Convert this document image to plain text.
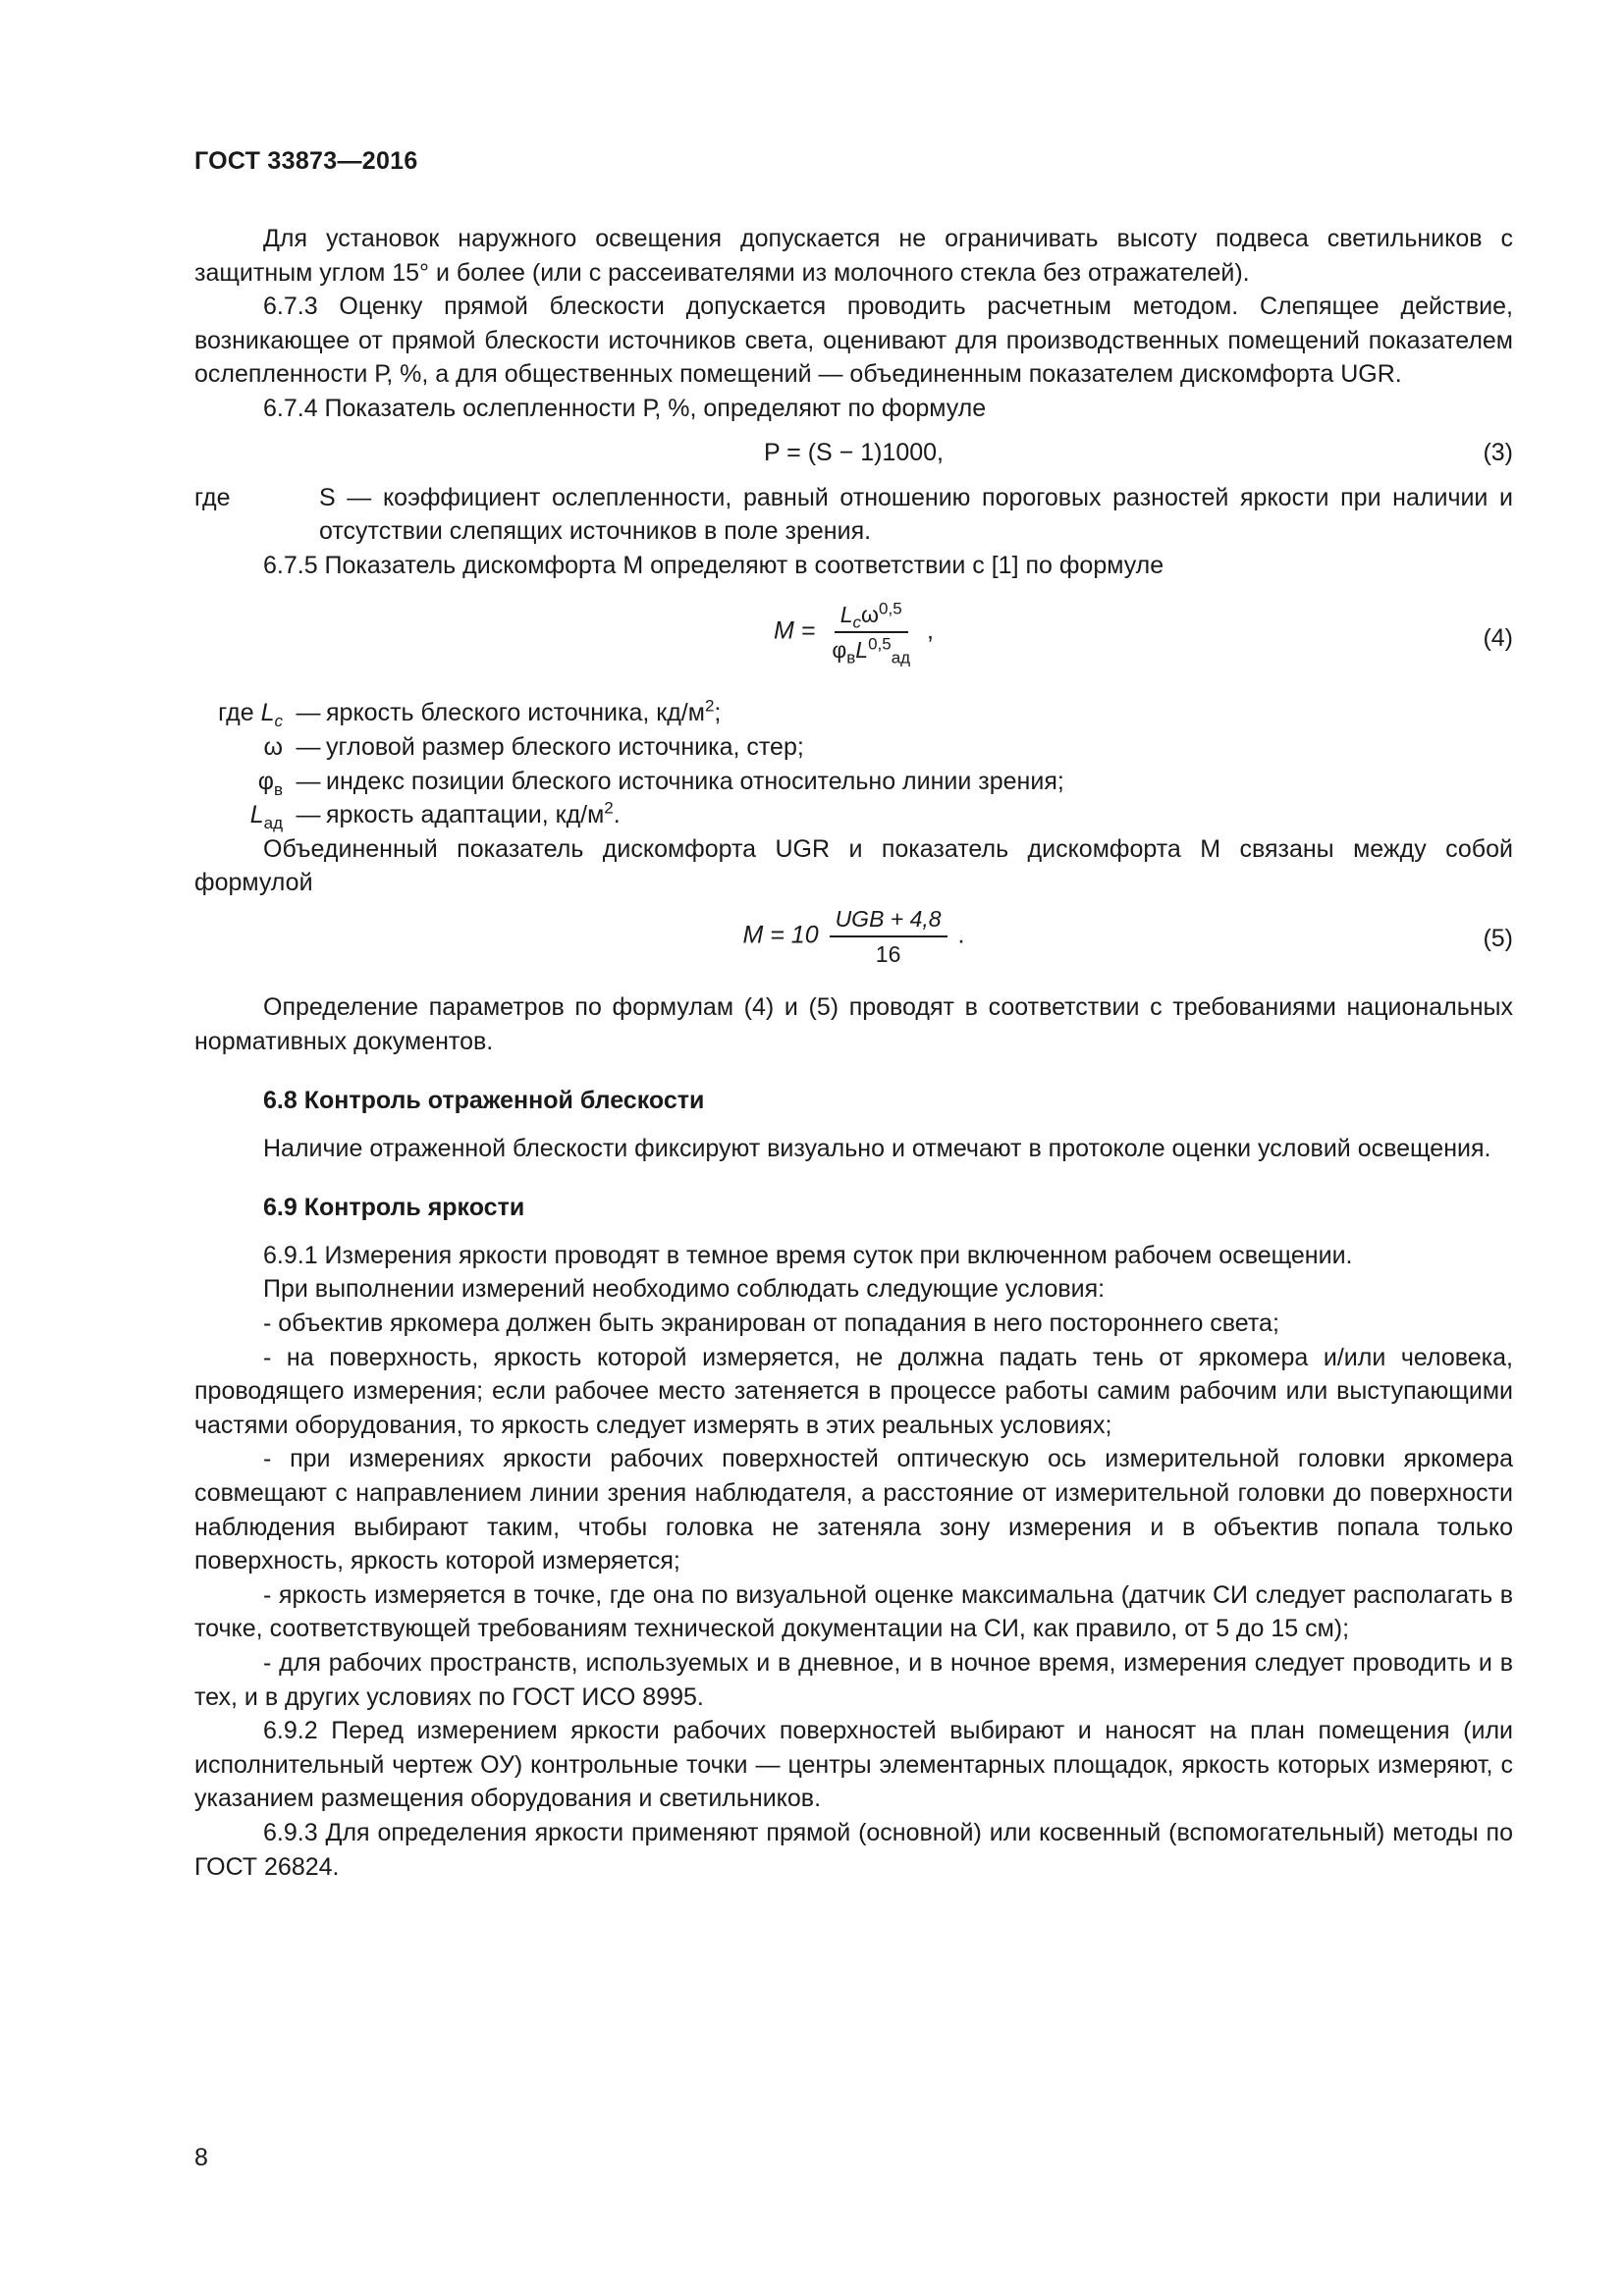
ГОСТ 33873—2016

Для установок наружного освещения допускается не ограничивать высоту подвеса светильников с защитным углом 15° и более (или с рассеивателями из молочного стекла без отражателей).

6.7.3 Оценку прямой блескости допускается проводить расчетным методом. Слепящее действие, возникающее от прямой блескости источников света, оценивают для производственных помещений показателем ослепленности Р, %, а для общественных помещений — объединенным показателем дискомфорта UGR.

6.7.4 Показатель ослепленности Р, %, определяют по формуле

P = (S − 1)1000,	(3)
где	S — коэффициент ослепленности, равный отношению пороговых разностей яркости при наличии и отсутствии слепящих источников в поле зрения.

6.7.5 Показатель дискомфорта М определяют в соответствии с [1] по формуле

$M = \frac{L_c\omega^{0,5}}{\varphi_вL^{0,5}_{ад}}$ ,	(4)
где $L_c$ — яркость блеского источника, $кд/м^2$;
ω — угловой размер блеского источника, стер;
$\varphi_в$ — индекс позиции блеского источника относительно линии зрения;
$L_{ад}$ — яркость адаптации, $кд/м^2$.

Объединенный показатель дискомфорта UGR и показатель дискомфорта М связаны между собой формулой

$M = 10 \frac{\text{UGB + 4,8}}{16}$ .	(5)

Определение параметров по формулам (4) и (5) проводят в соответствии с требованиями национальных нормативных документов.

6.8 Контроль отраженной блескости

Наличие отраженной блескости фиксируют визуально и отмечают в протоколе оценки условий освещения.

6.9 Контроль яркости

6.9.1 Измерения яркости проводят в темное время суток при включенном рабочем освещении.

При выполнении измерений необходимо соблюдать следующие условия:

- объектив яркомера должен быть экранирован от попадания в него постороннего света;

- на поверхность, яркость которой измеряется, не должна падать тень от яркомера и/или человека, проводящего измерения; если рабочее место затеняется в процессе работы самим рабочим или выступающими частями оборудования, то яркость следует измерять в этих реальных условиях;

- при измерениях яркости рабочих поверхностей оптическую ось измерительной головки яркомера совмещают с направлением линии зрения наблюдателя, а расстояние от измерительной головки до поверхности наблюдения выбирают таким, чтобы головка не затеняла зону измерения и в объектив попала только поверхность, яркость которой измеряется;

- яркость измеряется в точке, где она по визуальной оценке максимальна (датчик СИ следует располагать в точке, соответствующей требованиям технической документации на СИ, как правило, от 5 до 15 см);

- для рабочих пространств, используемых и в дневное, и в ночное время, измерения следует проводить и в тех, и в других условиях по ГОСТ ИСО 8995.

6.9.2 Перед измерением яркости рабочих поверхностей выбирают и наносят на план помещения (или исполнительный чертеж ОУ) контрольные точки — центры элементарных площадок, яркость которых измеряют, с указанием размещения оборудования и светильников.

6.9.3 Для определения яркости применяют прямой (основной) или косвенный (вспомогательный) методы по ГОСТ 26824.

8
